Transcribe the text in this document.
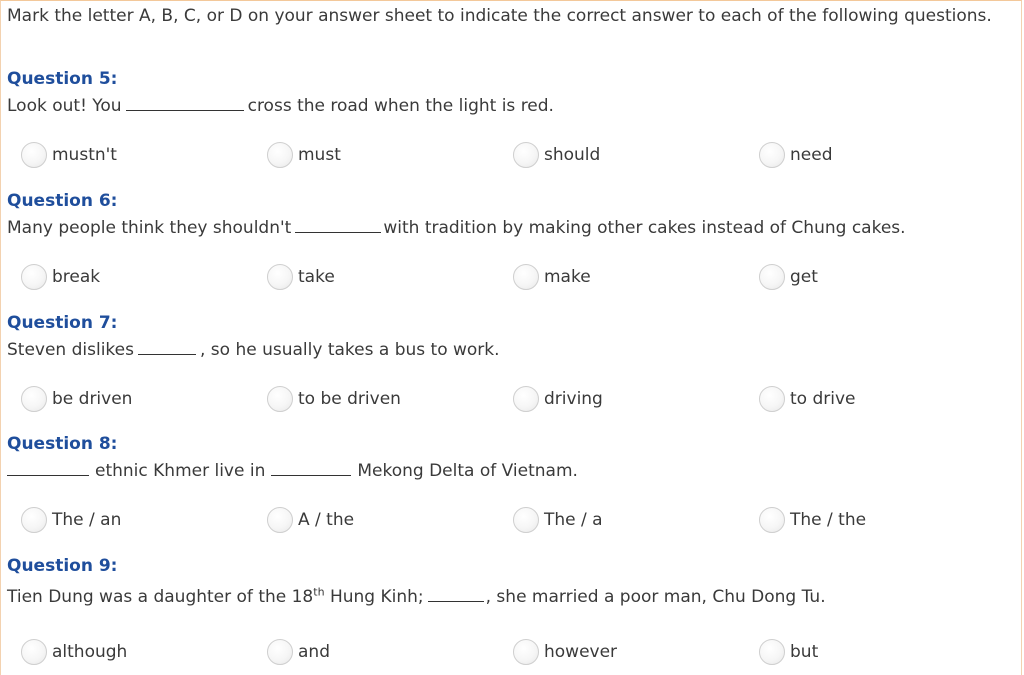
Mark the letter A, B, C, or D on your answer sheet to indicate the correct answer to each of the following questions.
Question 5:
Look out! You	cross the road when the light is red.
mustn't	must	should	need
Question 6:
Many people think they shouldn't	with tradition by making other cakes instead of Chung cakes.
break	take	make	get
Question 7:
Steven dislikes	, so he usually takes a bus to work.
be driven	to be driven	driving	to drive
Question 8:
ethnic Khmer live in	Mekong Delta of Vietnam.
The / an	A / the	The / a	The / the
Question 9:
Tien Dung was a daughter of the 18th Hung Kinh;	, she married a poor man, Chu Dong Tu.
although	and	however	but
